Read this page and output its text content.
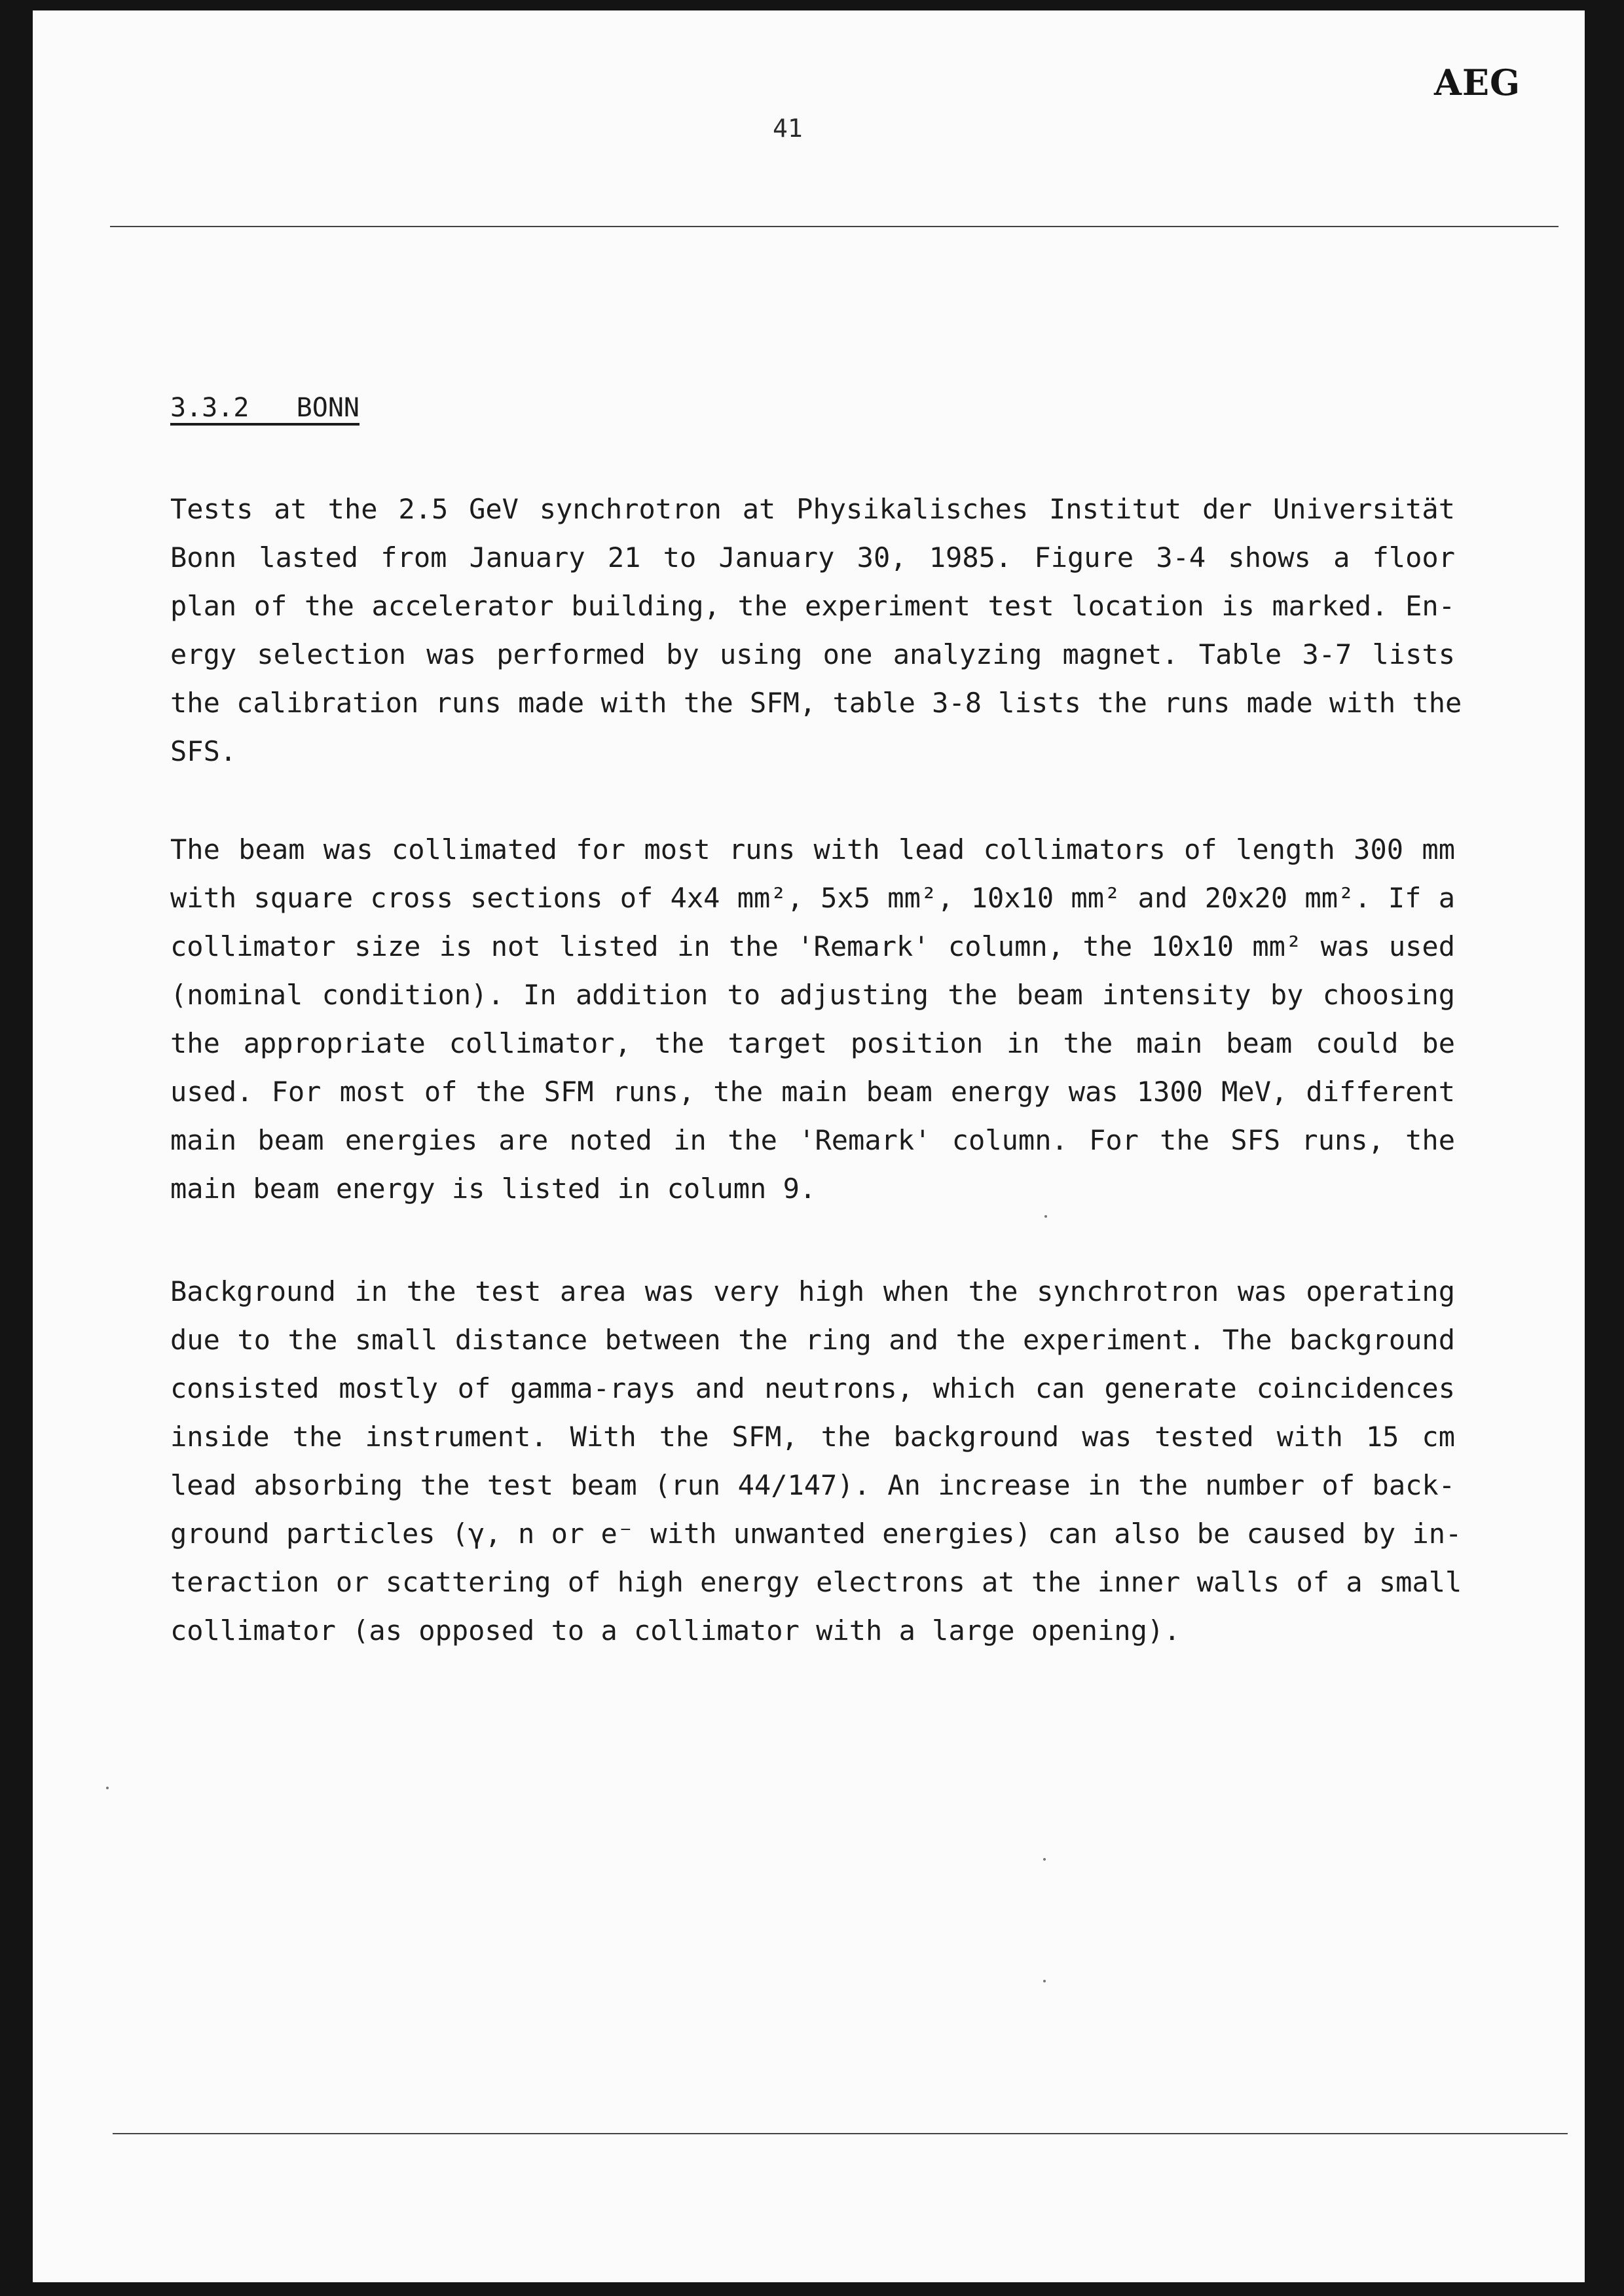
AEG
41
3.3.2   BONN
Tests at the 2.5 GeV synchrotron at Physikalisches Institut der Universität
Bonn lasted from January 21 to January 30, 1985. Figure 3-4 shows a floor
plan of the accelerator building, the experiment test location is marked. En-
ergy selection was performed by using one analyzing magnet. Table 3-7 lists
the calibration runs made with the SFM, table 3-8 lists the runs made with the
SFS.
The beam was collimated for most runs with lead collimators of length 300 mm
with square cross sections of 4x4 mm², 5x5 mm², 10x10 mm² and 20x20 mm². If a
collimator size is not listed in the 'Remark' column, the 10x10 mm² was used
(nominal condition). In addition to adjusting the beam intensity by choosing
the appropriate collimator, the target position in the main beam could be
used. For most of the SFM runs, the main beam energy was 1300 MeV, different
main beam energies are noted in the 'Remark' column. For the SFS runs, the
main beam energy is listed in column 9.
Background in the test area was very high when the synchrotron was operating
due to the small distance between the ring and the experiment. The background
consisted mostly of gamma-rays and neutrons, which can generate coincidences
inside the instrument. With the SFM, the background was tested with 15 cm
lead absorbing the test beam (run 44/147). An increase in the number of back-
ground particles (γ, n or e⁻ with unwanted energies) can also be caused by in-
teraction or scattering of high energy electrons at the inner walls of a small
collimator (as opposed to a collimator with a large opening).
